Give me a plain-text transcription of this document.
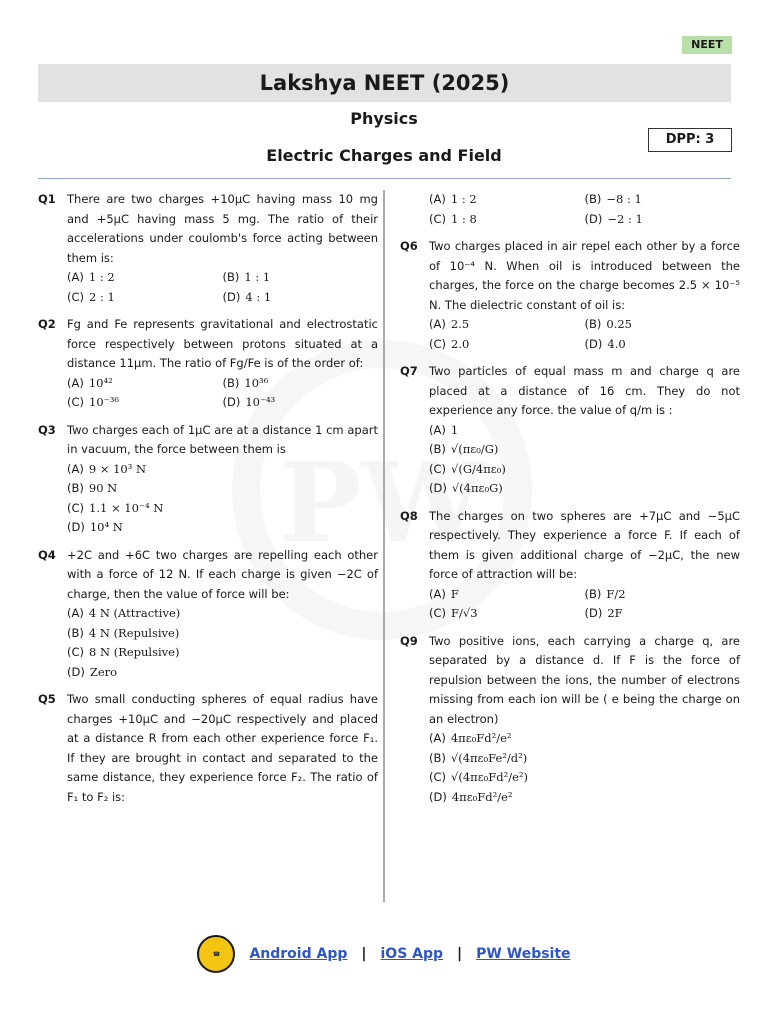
NEET
Lakshya NEET (2025)
Physics
Electric Charges and Field
DPP: 3
Q1 There are two charges +10μC having mass 10 mg and +5μC having mass 5 mg. The ratio of their accelerations under coulomb's force acting between them is:
(A) 1 : 2	(B) 1 : 1
(C) 2 : 1	(D) 4 : 1
Q2 Fg and Fe represents gravitational and electrostatic force respectively between protons situated at a distance 11μm. The ratio of Fg/Fe is of the order of:
(A) 10⁴²	(B) 10³⁶
(C) 10⁻³⁶	(D) 10⁻⁴³
Q3 Two charges each of 1μC are at a distance 1 cm apart in vacuum, the force between them is
(A) 9 × 10³ N
(B) 90 N
(C) 1.1 × 10⁻⁴ N
(D) 10⁴ N
Q4 +2C and +6C two charges are repelling each other with a force of 12 N. If each charge is given −2C of charge, then the value of force will be:
(A) 4 N (Attractive)
(B) 4 N (Repulsive)
(C) 8 N (Repulsive)
(D) Zero
Q5 Two small conducting spheres of equal radius have charges +10μC and −20μC respectively and placed at a distance R from each other experience force F₁. If they are brought in contact and separated to the same distance, they experience force F₂. The ratio of F₁ to F₂ is:
(A) 1 : 2	(B) −8 : 1
(C) 1 : 8	(D) −2 : 1
Q6 Two charges placed in air repel each other by a force of 10⁻⁴ N. When oil is introduced between the charges, the force on the charge becomes 2.5 × 10⁻⁵ N. The dielectric constant of oil is:
(A) 2.5	(B) 0.25
(C) 2.0	(D) 4.0
Q7 Two particles of equal mass m and charge q are placed at a distance of 16 cm. They do not experience any force. the value of q/m is :
(A) 1
(B) √(πε₀/G)
(C) √(G/4πε₀)
(D) √(4πε₀G)
Q8 The charges on two spheres are +7μC and −5μC respectively. They experience a force F. If each of them is given additional charge of −2μC, the new force of attraction will be:
(A) F	(B) F/2
(C) F/√3	(D) 2F
Q9 Two positive ions, each carrying a charge q, are separated by a distance d. If F is the force of repulsion between the ions, the number of electrons missing from each ion will be ( e being the charge on an electron)
(A) 4πε₀Fd²/e²
(B) √(4πε₀Fe²/d²)
(C) √(4πε₀Fd²/e²)
(D) 4πε₀Fd²/e²
☎	Android App | iOS App | PW Website
